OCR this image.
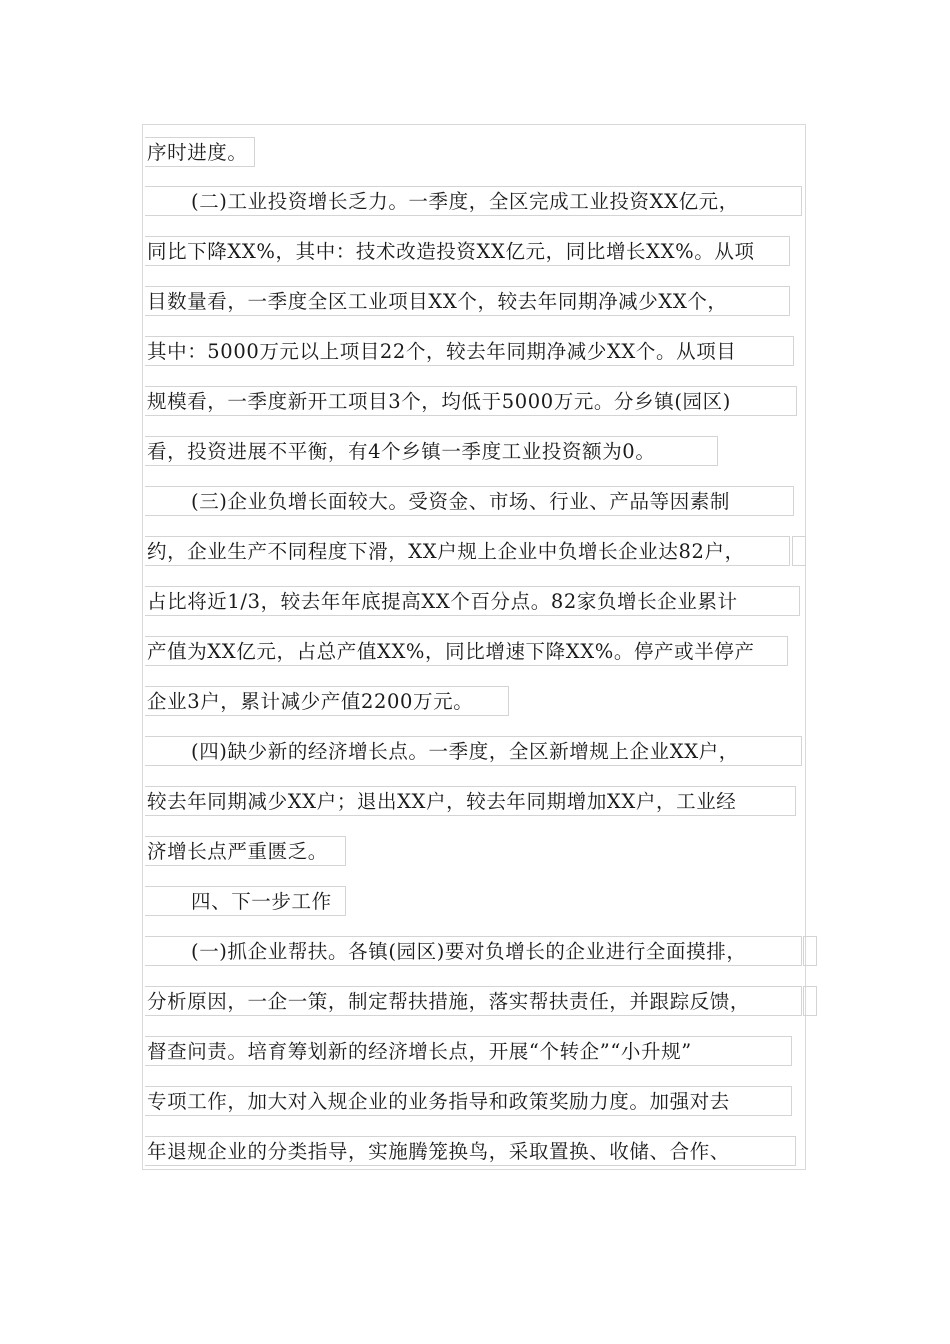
序时进度。
(二)工业投资增长乏力。一季度，全区完成工业投资XX亿元，
同比下降XX%，其中：技术改造投资XX亿元，同比增长XX%。从项
目数量看，一季度全区工业项目XX个，较去年同期净减少XX个，
其中：5000万元以上项目22个，较去年同期净减少XX个。从项目
规模看，一季度新开工项目3个，均低于5000万元。分乡镇(园区)
看，投资进展不平衡，有4个乡镇一季度工业投资额为0。
(三)企业负增长面较大。受资金、市场、行业、产品等因素制
约，企业生产不同程度下滑，XX户规上企业中负增长企业达82户，
占比将近1/3，较去年年底提高XX个百分点。82家负增长企业累计
产值为XX亿元，占总产值XX%，同比增速下降XX%。停产或半停产
企业3户，累计减少产值2200万元。
(四)缺少新的经济增长点。一季度，全区新增规上企业XX户，
较去年同期减少XX户；退出XX户，较去年同期增加XX户，工业经
济增长点严重匮乏。
四、下一步工作
(一)抓企业帮扶。各镇(园区)要对负增长的企业进行全面摸排，
分析原因，一企一策，制定帮扶措施，落实帮扶责任，并跟踪反馈，
督查问责。培育筹划新的经济增长点，开展“个转企”“小升规”
专项工作，加大对入规企业的业务指导和政策奖励力度。加强对去
年退规企业的分类指导，实施腾笼换鸟，采取置换、收储、合作、
